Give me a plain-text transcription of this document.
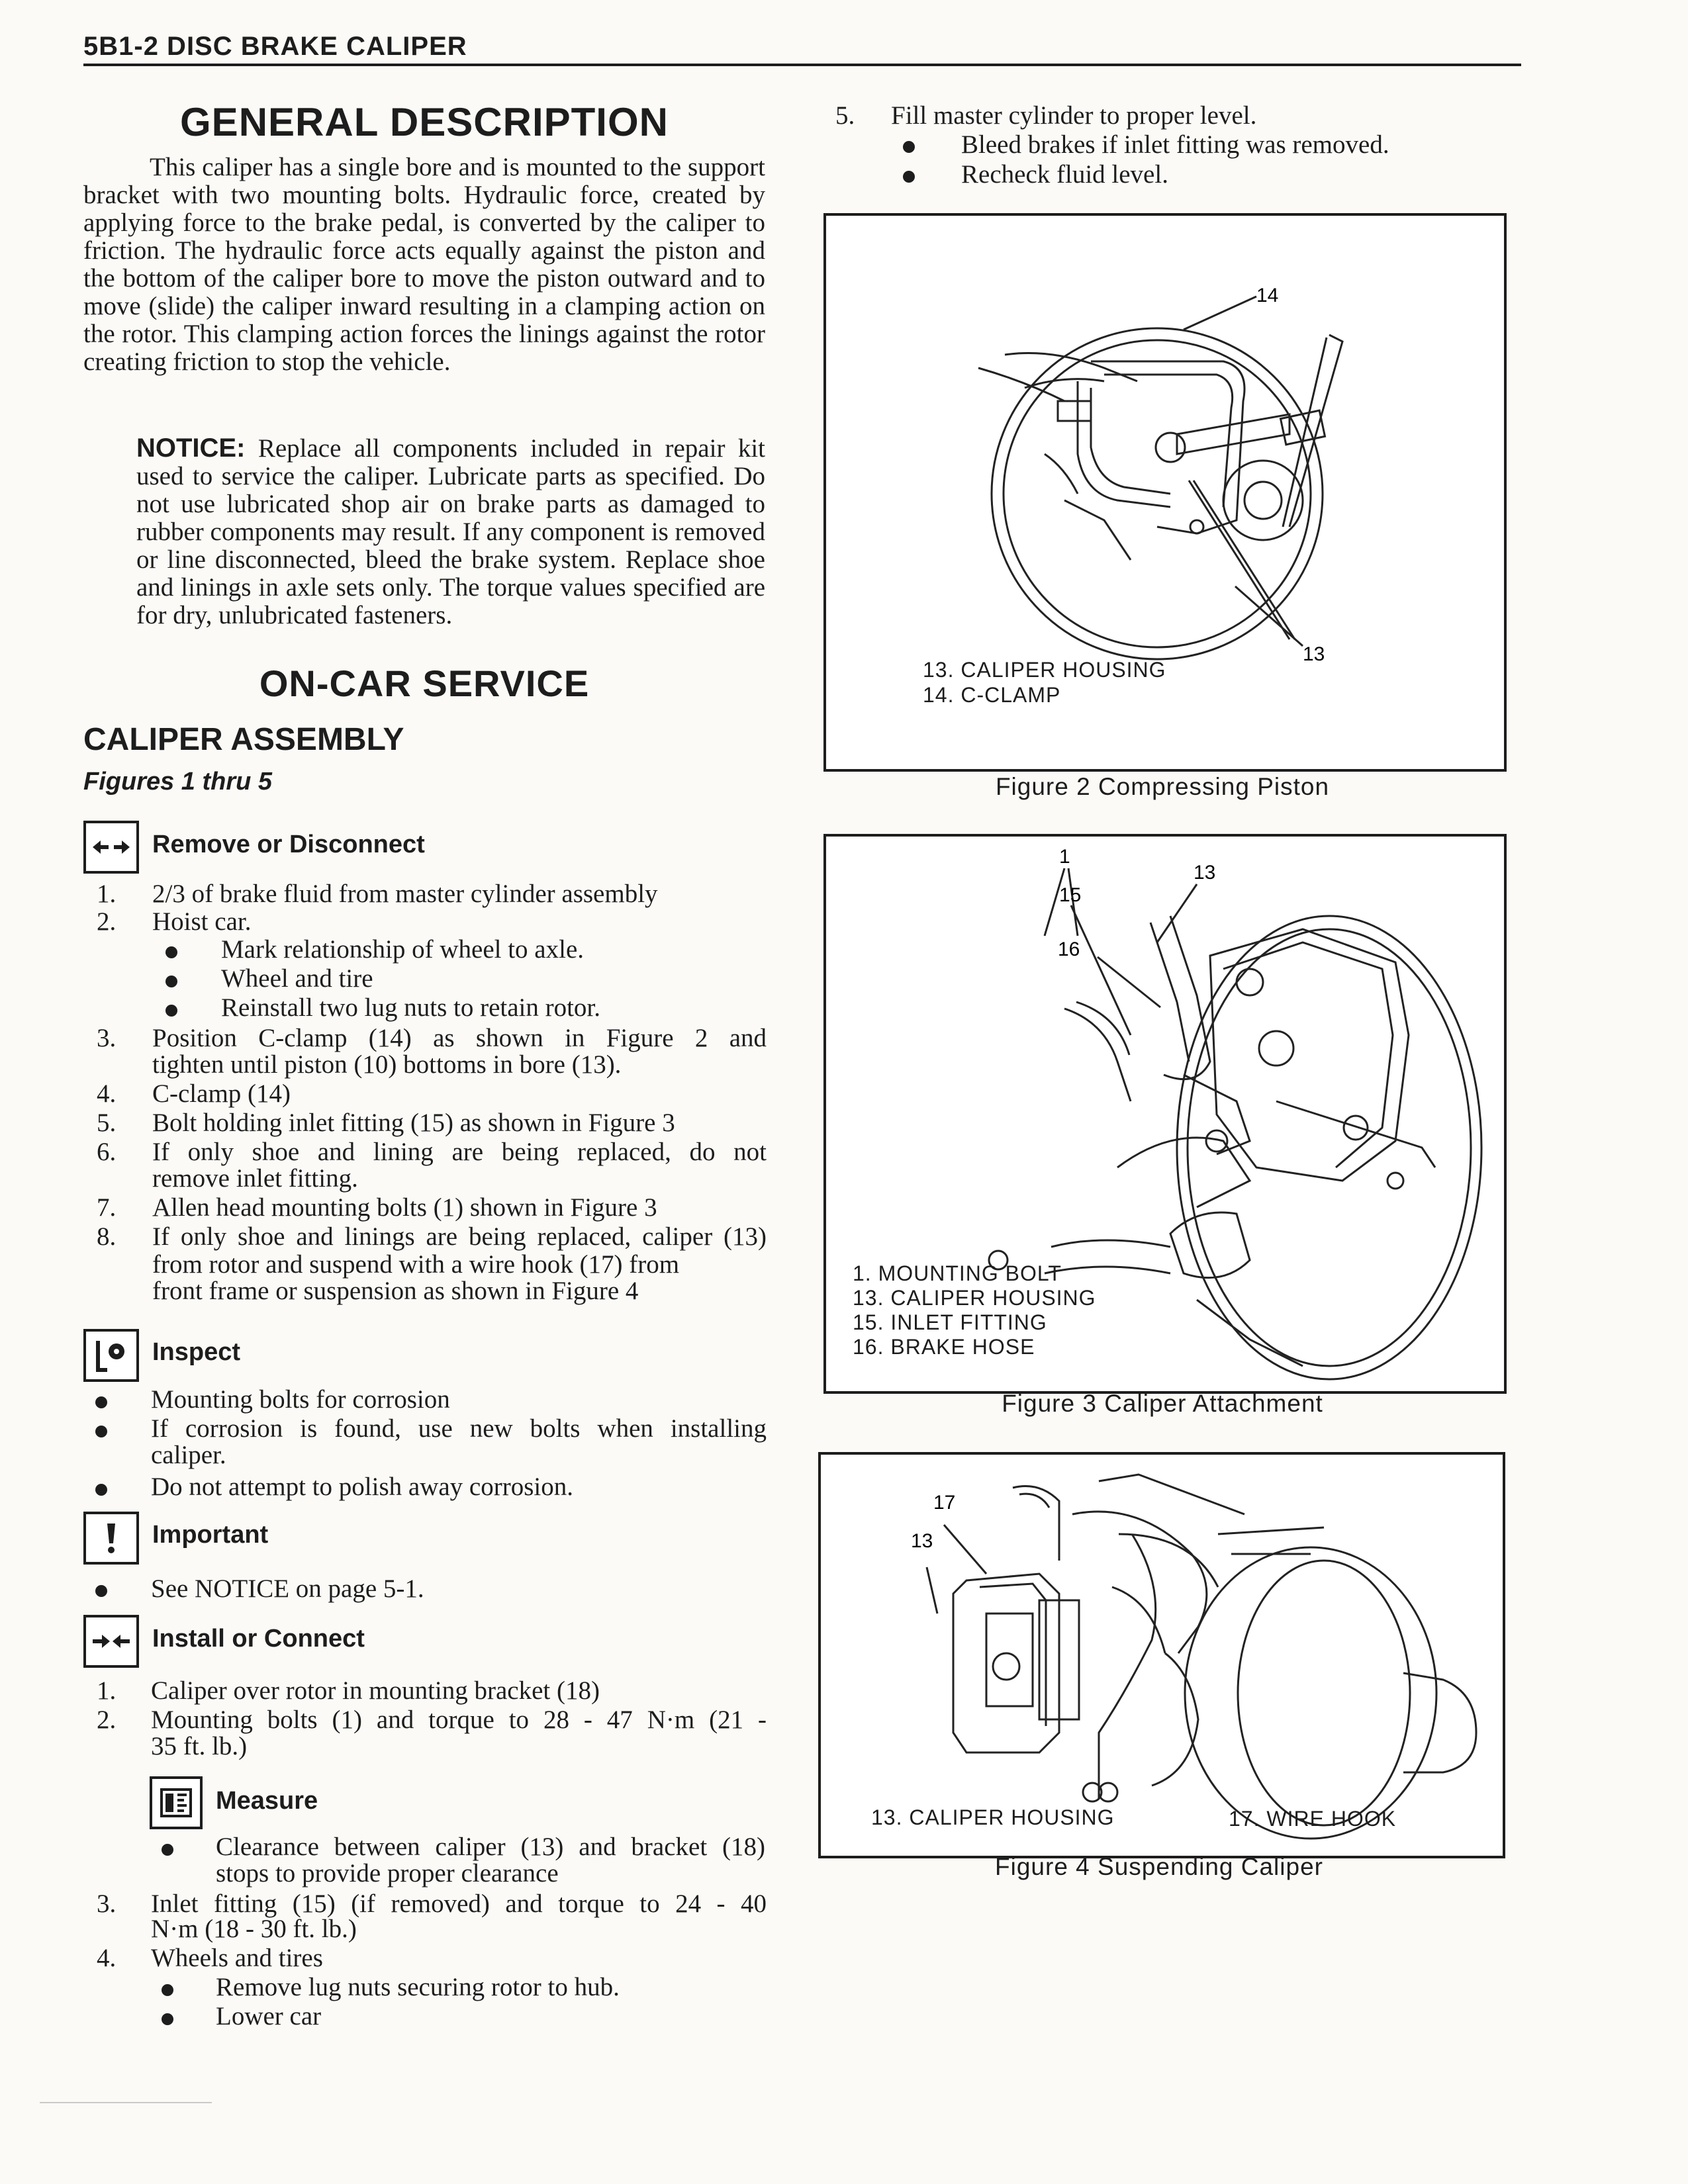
5B1-2 DISC BRAKE CALIPER
GENERAL DESCRIPTION
This caliper has a single bore and is mounted to the support bracket with two mounting bolts. Hydraulic force, created by applying force to the brake pedal, is converted by the caliper to friction. The hydraulic force acts equally against the piston and the bottom of the caliper bore to move the piston outward and to move (slide) the caliper inward resulting in a clamping action on the rotor. This clamping action forces the linings against the rotor creating friction to stop the vehicle.
NOTICE: Replace all components included in repair kit used to service the caliper. Lubricate parts as specified. Do not use lubricated shop air on brake parts as damaged to rubber components may result. If any component is removed or line disconnected, bleed the brake system. Replace shoe and linings in axle sets only. The torque values specified are for dry, unlubricated fasteners.
ON-CAR SERVICE
CALIPER ASSEMBLY
Figures 1 thru 5
Remove or Disconnect
1. 2/3 of brake fluid from master cylinder assembly
2. Hoist car.
Mark relationship of wheel to axle.
Wheel and tire
Reinstall two lug nuts to retain rotor.
3. Position C-clamp (14) as shown in Figure 2 and
tighten until piston (10) bottoms in bore (13).
4. C-clamp (14)
5. Bolt holding inlet fitting (15) as shown in Figure 3
6. If only shoe and lining are being replaced, do not
remove inlet fitting.
7. Allen head mounting bolts (1) shown in Figure 3
8. If only shoe and linings are being replaced, caliper (13)
from rotor and suspend with a wire hook (17) from
front frame or suspension as shown in Figure 4
Inspect
Mounting bolts for corrosion
If corrosion is found, use new bolts when installing
caliper.
Do not attempt to polish away corrosion.
Important
See NOTICE on page 5-1.
Install or Connect
1. Caliper over rotor in mounting bracket (18)
2. Mounting bolts (1) and torque to 28 - 47 N·m (21 -
35 ft. lb.)
Measure
Clearance between caliper (13) and bracket (18)
stops to provide proper clearance
3. Inlet fitting (15) (if removed) and torque to 24 - 40
N·m (18 - 30 ft. lb.)
4. Wheels and tires
Remove lug nuts securing rotor to hub.
Lower car
5. Fill master cylinder to proper level.
Bleed brakes if inlet fitting was removed.
Recheck fluid level.
14
13
13. CALIPER HOUSING
14. C-CLAMP
Figure 2 Compressing Piston
1
13
15
16
1. MOUNTING BOLT
13. CALIPER HOUSING
15. INLET FITTING
16. BRAKE HOSE
Figure 3 Caliper Attachment
17
13
13. CALIPER HOUSING	17. WIRE HOOK
Figure 4 Suspending Caliper
